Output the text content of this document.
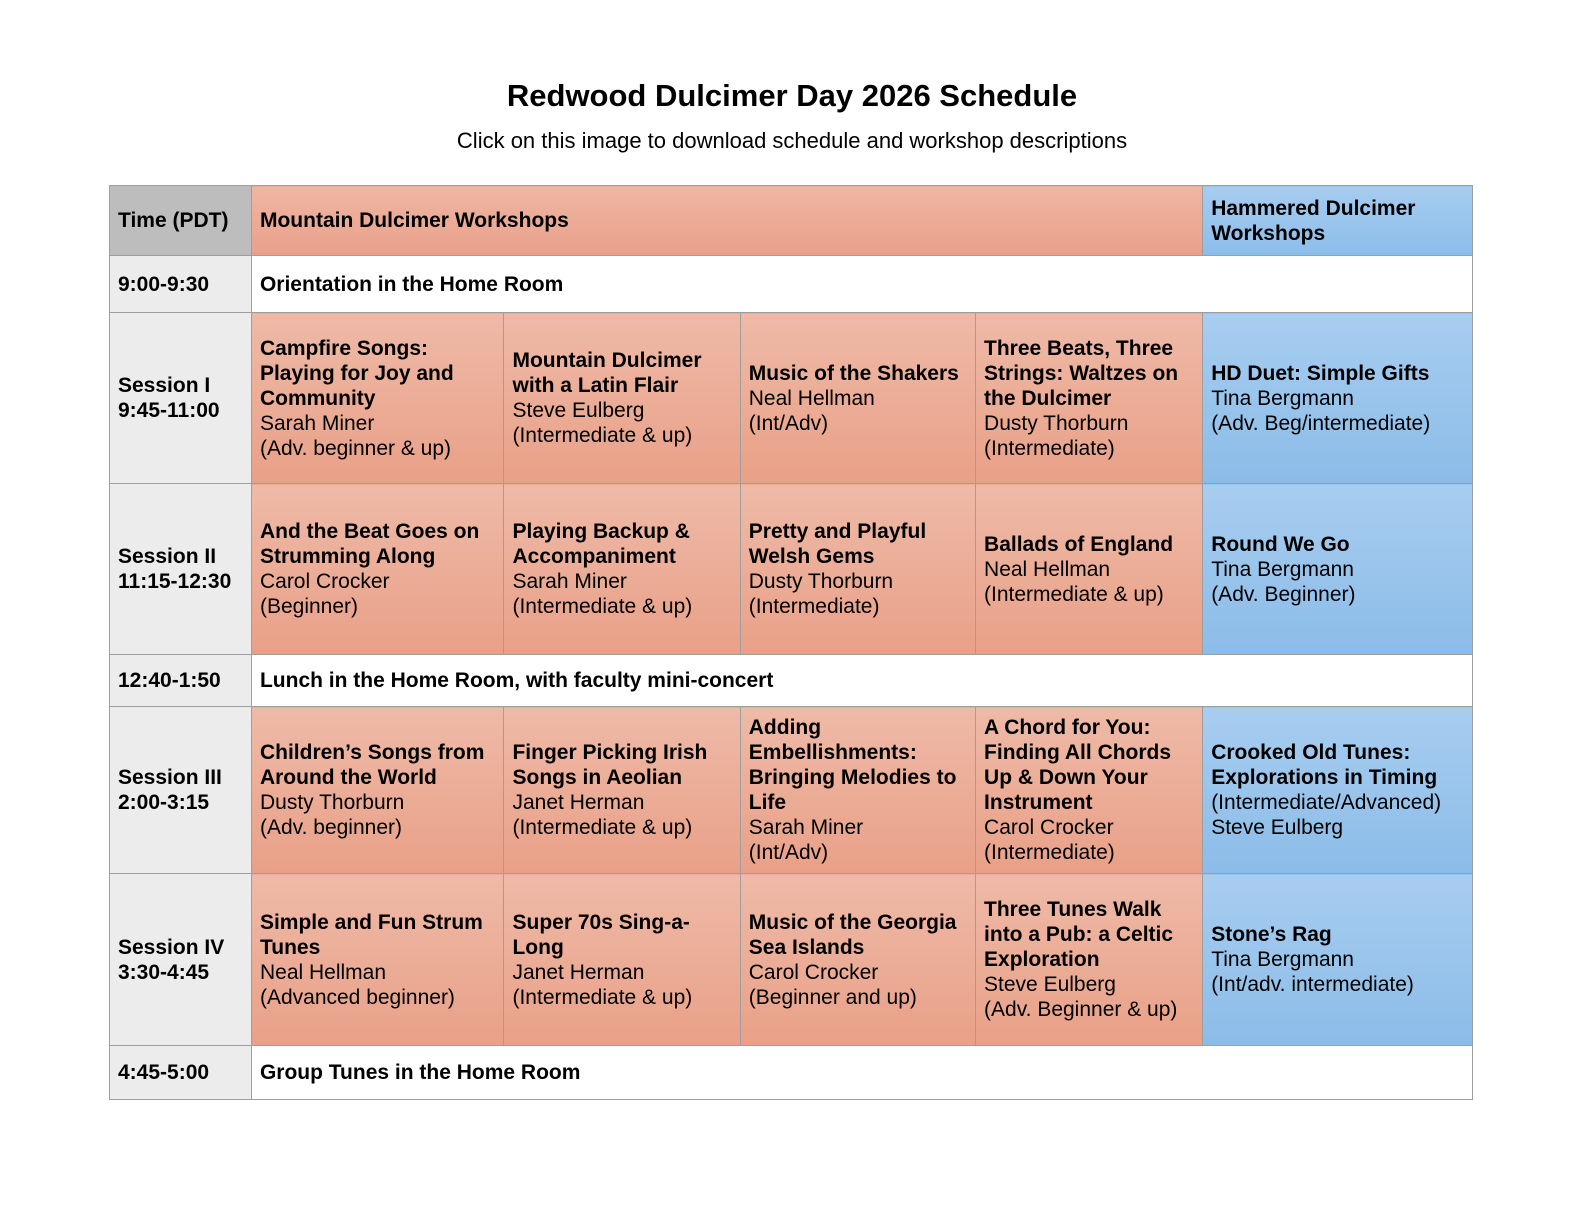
Redwood Dulcimer Day 2026 Schedule

Click on this image to download schedule and workshop descriptions

Time (PDT)	Mountain Dulcimer Workshops				Hammered Dulcimer Workshops
9:00-9:30	Orientation in the Home Room				

Session I
9:45-11:00	Campfire Songs: Playing for Joy and Community
Sarah Miner
(Adv. beginner & up)	Mountain Dulcimer with a Latin Flair
Steve Eulberg
(Intermediate & up)	Music of the Shakers
Neal Hellman
(Int/Adv)	Three Beats, Three Strings: Waltzes on the Dulcimer
Dusty Thorburn
(Intermediate)	HD Duet: Simple Gifts
Tina Bergmann
(Adv. Beg/intermediate)

Session II
11:15-12:30	And the Beat Goes on Strumming Along
Carol Crocker
(Beginner)	Playing Backup & Accompaniment
Sarah Miner
(Intermediate & up)	Pretty and Playful Welsh Gems
Dusty Thorburn
(Intermediate)	Ballads of England
Neal Hellman
(Intermediate & up)	Round We Go
Tina Bergmann
(Adv. Beginner)

12:40-1:50	Lunch in the Home Room, with faculty mini-concert				

Session III
2:00-3:15	Children’s Songs from Around the World
Dusty Thorburn
(Adv. beginner)	Finger Picking Irish Songs in Aeolian
Janet Herman
(Intermediate & up)	Adding Embellishments: Bringing Melodies to Life
Sarah Miner
(Int/Adv)	A Chord for You: Finding All Chords Up & Down Your Instrument
Carol Crocker
(Intermediate)	Crooked Old Tunes: Explorations in Timing
(Intermediate/Advanced)
Steve Eulberg

Session IV
3:30-4:45	Simple and Fun Strum Tunes
Neal Hellman
(Advanced beginner)	Super 70s Sing-a-Long
Janet Herman
(Intermediate & up)	Music of the Georgia Sea Islands
Carol Crocker
(Beginner and up)	Three Tunes Walk into a Pub: a Celtic Exploration
Steve Eulberg
(Adv. Beginner & up)	Stone’s Rag
Tina Bergmann
(Int/adv. intermediate)

4:45-5:00	Group Tunes in the Home Room				
